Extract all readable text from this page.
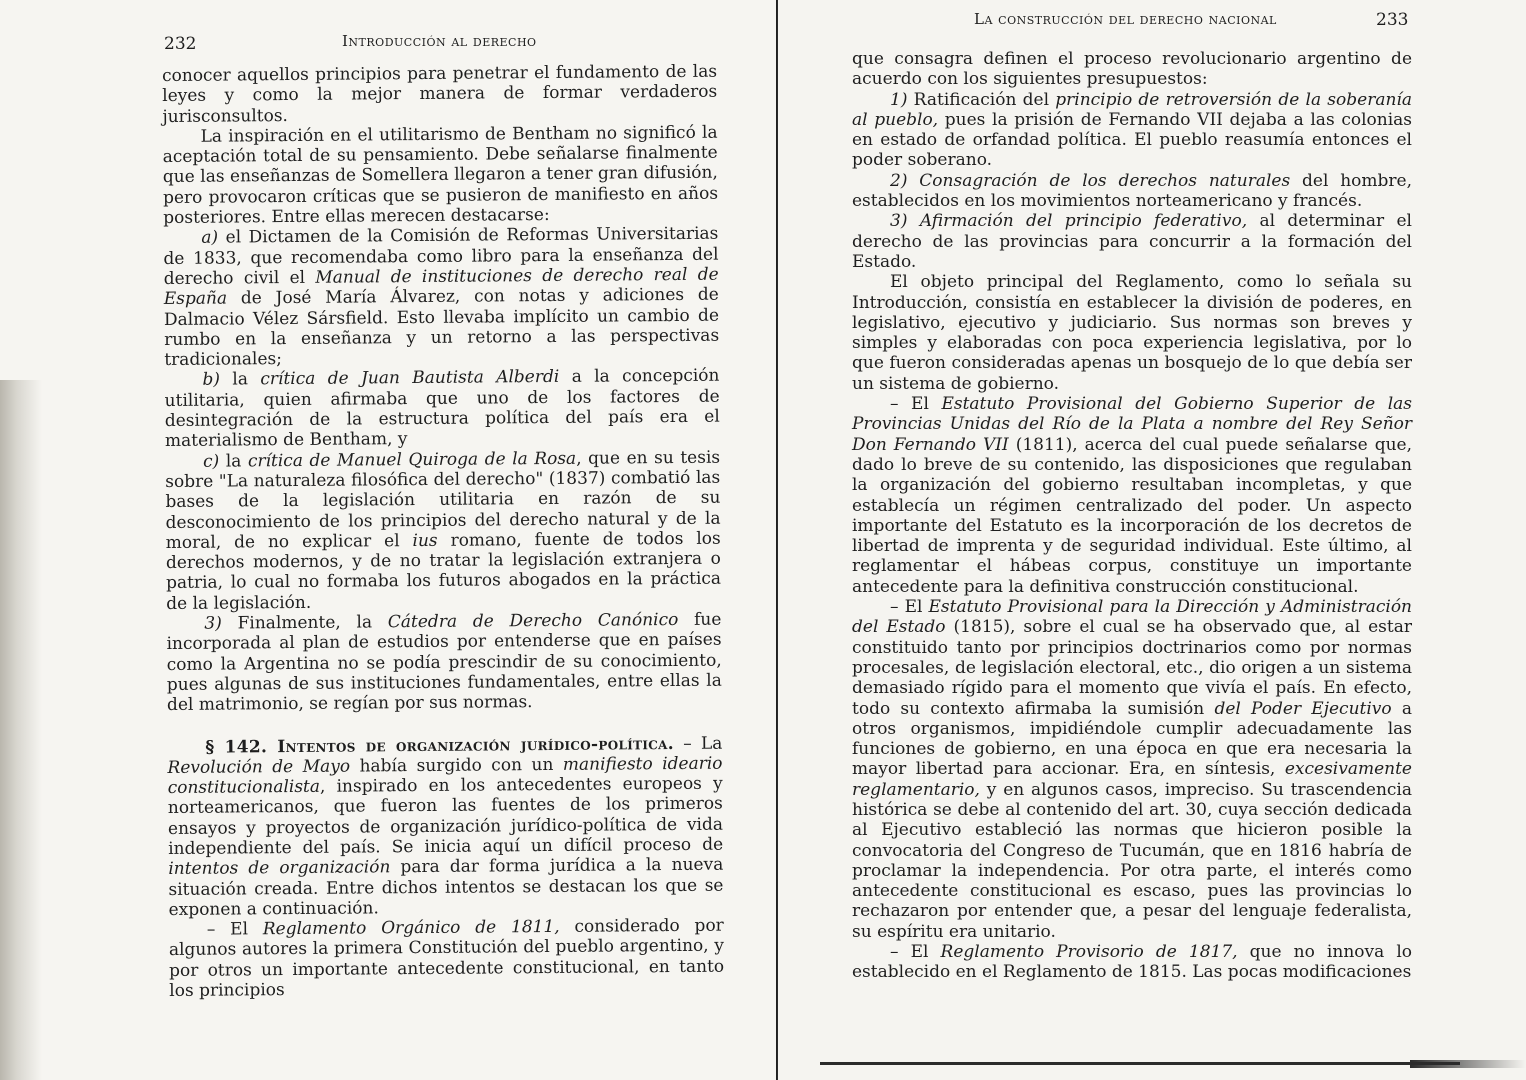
232	Introducción al derecho

conocer aquellos principios para penetrar el fundamento de las leyes y como la mejor manera de formar verdaderos jurisconsultos.

La inspiración en el utilitarismo de Bentham no significó la aceptación total de su pensamiento. Debe señalarse finalmente que las enseñanzas de Somellera llegaron a tener gran difusión, pero provocaron críticas que se pusieron de manifiesto en años posteriores. Entre ellas merecen destacarse:

a) el Dictamen de la Comisión de Reformas Universitarias de 1833, que recomendaba como libro para la enseñanza del derecho civil el Manual de instituciones de derecho real de España de José María Álvarez, con notas y adiciones de Dalmacio Vélez Sársfield. Esto llevaba implícito un cambio de rumbo en la enseñanza y un retorno a las perspectivas tradicionales;

b) la crítica de Juan Bautista Alberdi a la concepción utilitaria, quien afirmaba que uno de los factores de desintegración de la estructura política del país era el materialismo de Bentham, y

c) la crítica de Manuel Quiroga de la Rosa, que en su tesis sobre "La naturaleza filosófica del derecho" (1837) combatió las bases de la legislación utilitaria en razón de su desconocimiento de los principios del derecho natural y de la moral, de no explicar el ius romano, fuente de todos los derechos modernos, y de no tratar la legislación extranjera o patria, lo cual no formaba los futuros abogados en la práctica de la legislación.

3) Finalmente, la Cátedra de Derecho Canónico fue incorporada al plan de estudios por entenderse que en países como la Argentina no se podía prescindir de su conocimiento, pues algunas de sus instituciones fundamentales, entre ellas la del matrimonio, se regían por sus normas.

§ 142. Intentos de organización jurídico-política. – La Revolución de Mayo había surgido con un manifiesto ideario constitucionalista, inspirado en los antecedentes europeos y norteamericanos, que fueron las fuentes de los primeros ensayos y proyectos de organización jurídico-política de vida independiente del país. Se inicia aquí un difícil proceso de intentos de organización para dar forma jurídica a la nueva situación creada. Entre dichos intentos se destacan los que se exponen a continuación.

– El Reglamento Orgánico de 1811, considerado por algunos autores la primera Constitución del pueblo argentino, y por otros un importante antecedente constitucional, en tanto los principios

La construcción del derecho nacional	233

que consagra definen el proceso revolucionario argentino de acuerdo con los siguientes presupuestos:

1) Ratificación del principio de retroversión de la soberanía al pueblo, pues la prisión de Fernando VII dejaba a las colonias en estado de orfandad política. El pueblo reasumía entonces el poder soberano.

2) Consagración de los derechos naturales del hombre, establecidos en los movimientos norteamericano y francés.

3) Afirmación del principio federativo, al determinar el derecho de las provincias para concurrir a la formación del Estado.

El objeto principal del Reglamento, como lo señala su Introducción, consistía en establecer la división de poderes, en legislativo, ejecutivo y judiciario. Sus normas son breves y simples y elaboradas con poca experiencia legislativa, por lo que fueron consideradas apenas un bosquejo de lo que debía ser un sistema de gobierno.

– El Estatuto Provisional del Gobierno Superior de las Provincias Unidas del Río de la Plata a nombre del Rey Señor Don Fernando VII (1811), acerca del cual puede señalarse que, dado lo breve de su contenido, las disposiciones que regulaban la organización del gobierno resultaban incompletas, y que establecía un régimen centralizado del poder. Un aspecto importante del Estatuto es la incorporación de los decretos de libertad de imprenta y de seguridad individual. Este último, al reglamentar el hábeas corpus, constituye un importante antecedente para la definitiva construcción constitucional.

– El Estatuto Provisional para la Dirección y Administración del Estado (1815), sobre el cual se ha observado que, al estar constituido tanto por principios doctrinarios como por normas procesales, de legislación electoral, etc., dio origen a un sistema demasiado rígido para el momento que vivía el país. En efecto, todo su contexto afirmaba la sumisión del Poder Ejecutivo a otros organismos, impidiéndole cumplir adecuadamente las funciones de gobierno, en una época en que era necesaria la mayor libertad para accionar. Era, en síntesis, excesivamente reglamentario, y en algunos casos, impreciso. Su trascendencia histórica se debe al contenido del art. 30, cuya sección dedicada al Ejecutivo estableció las normas que hicieron posible la convocatoria del Congreso de Tucumán, que en 1816 habría de proclamar la independencia. Por otra parte, el interés como antecedente constitucional es escaso, pues las provincias lo rechazaron por entender que, a pesar del lenguaje federalista, su espíritu era unitario.

– El Reglamento Provisorio de 1817, que no innova lo establecido en el Reglamento de 1815. Las pocas modificaciones
